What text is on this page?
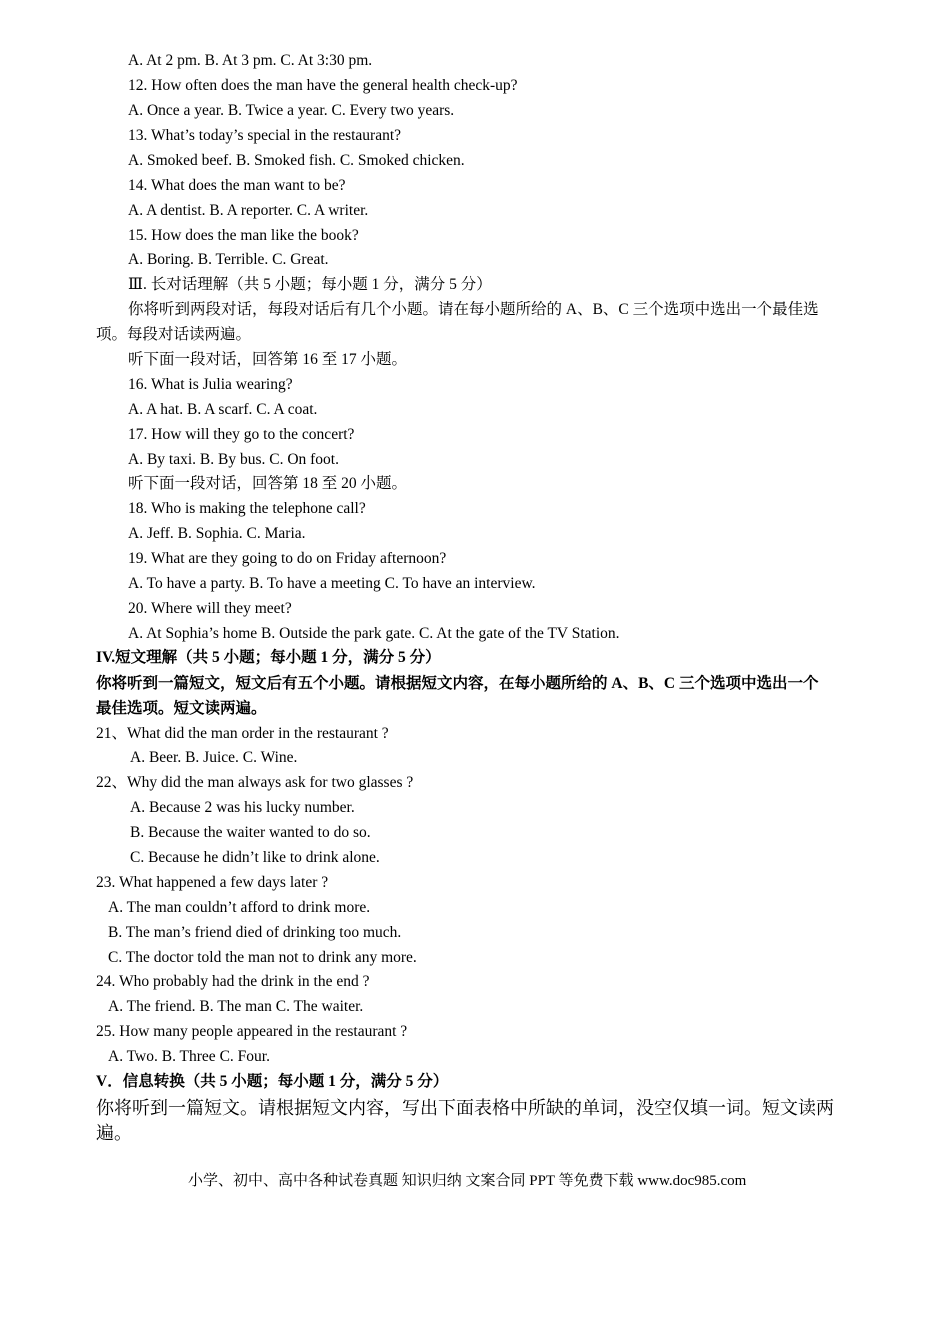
A. At 2 pm. B. At 3 pm. C. At 3:30 pm.
12. How often does the man have the general health check-up?
A. Once a year. B. Twice a year. C. Every two years.
13. What’s today’s special in the restaurant?
A. Smoked beef. B. Smoked fish. C. Smoked chicken.
14. What does the man want to be?
A. A dentist. B. A reporter. C. A writer.
15. How does the man like the book?
A. Boring. B. Terrible. C. Great.
Ⅲ. 长对话理解（共 5 小题；每小题 1 分，满分 5 分）
你将听到两段对话，每段对话后有几个小题。请在每小题所给的 A、B、C 三个选项中选出一个最佳选
项。每段对话读两遍。
听下面一段对话，回答第 16 至 17 小题。
16. What is Julia wearing?
A. A hat. B. A scarf. C. A coat.
17. How will they go to the concert?
A. By taxi. B. By bus. C. On foot.
听下面一段对话，回答第 18 至 20 小题。
18. Who is making the telephone call?
A. Jeff. B. Sophia. C. Maria.
19. What are they going to do on Friday afternoon?
A. To have a party. B. To have a meeting C. To have an interview.
20. Where will they meet?
A. At Sophia’s home B. Outside the park gate. C. At the gate of the TV Station.
IV.短文理解（共 5 小题；每小题 1 分，满分 5 分）
你将听到一篇短文，短文后有五个小题。请根据短文内容，在每小题所给的 A、B、C 三个选项中选出一个
最佳选项。短文读两遍。
21、What did the man order in the restaurant ?
A. Beer. B. Juice. C. Wine.
22、Why did the man always ask for two glasses ?
A. Because 2 was his lucky number.
B. Because the waiter wanted to do so.
C. Because he didn’t like to drink alone.
23. What happened a few days later ?
A. The man couldn’t afford to drink more.
B. The man’s friend died of drinking too much.
C. The doctor told the man not to drink any more.
24. Who probably had the drink in the end ?
A. The friend. B. The man C. The waiter.
25. How many people appeared in the restaurant ?
A. Two. B. Three C. Four.
V．信息转换（共 5 小题；每小题 1 分，满分 5 分）
你将听到一篇短文。请根据短文内容，写出下面表格中所缺的单词，没空仅填一词。短文读两
遍。
小学、初中、高中各种试卷真题 知识归纳 文案合同 PPT 等免费下载 www.doc985.com
